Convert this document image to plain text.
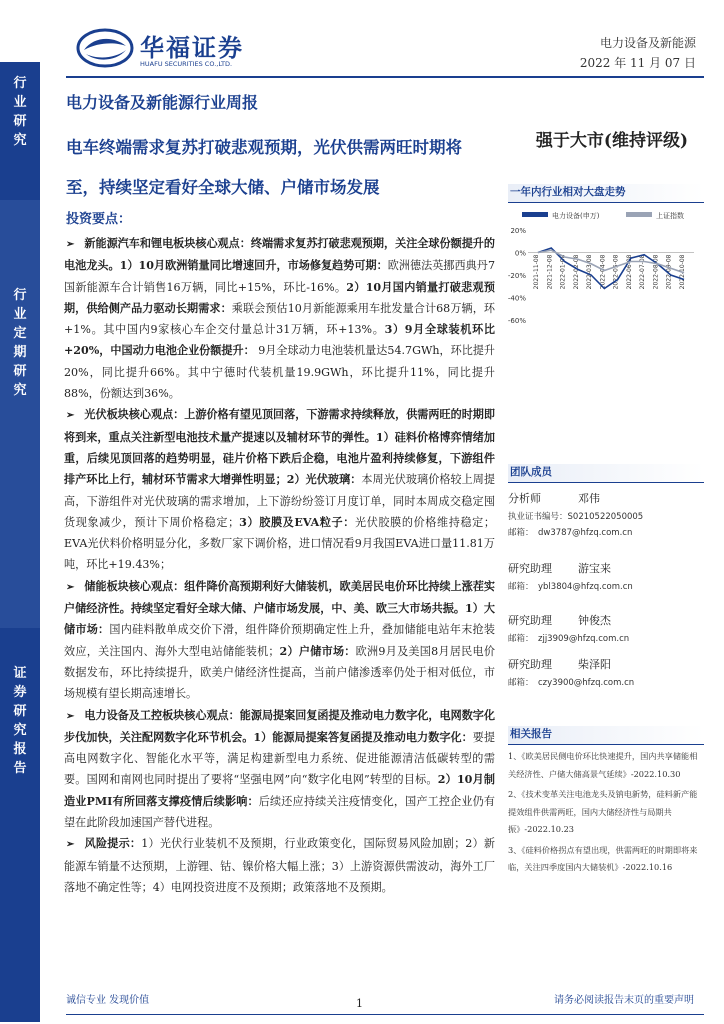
华福证券
HUAFU SECURITIES CO.,LTD.
电力设备及新能源
2022 年 11 月 07 日
行
业
研
究
行
业
定
期
研
究
证
券
研
究
报
告
电力设备及新能源行业周报
电车终端需求复苏打破悲观预期，光伏供需两旺时期将至，持续坚定看好全球大储、户储市场发展
强于大市(维持评级)
投资要点：
➢ 新能源汽车和锂电板块核心观点：终端需求复苏打破悲观预期，关注全球份额提升的电池龙头。1）10月欧洲销量同比增速回升，市场修复趋势可期：欧洲德法英挪西典丹7国新能源车合计销售16万辆，同比+15%，环比-16%。2）10月国内销量打破悲观预期，供给侧产品力驱动长期需求：乘联会预估10月新能源乘用车批发量合计68万辆，环+1%。其中国内9家核心车企交付量总计31万辆，环+13%。3）9月全球装机环比+20%，中国动力电池企业份额提升： 9月全球动力电池装机量达54.7GWh，环比提升20%，同比提升66%。其中宁德时代装机量19.9GWh，环比提升11%，同比提升88%，份额达到36%。
➢ 光伏板块核心观点：上游价格有望见顶回落，下游需求持续释放，供需两旺的时期即将到来，重点关注新型电池技术量产提速以及辅材环节的弹性。1）硅料价格博弈情绪加重，后续见顶回落的趋势明显，硅片价格下跌后企稳，电池片盈利持续修复，下游组件排产环比上行，辅材环节需求大增弹性明显；2）光伏玻璃：本周光伏玻璃价格较上周提高，下游组件对光伏玻璃的需求增加，上下游纷纷签订月度订单，同时本周成交稳定囤货现象减少，预计下周价格稳定；3）胶膜及EVA粒子：光伏胶膜的价格维持稳定；EVA光伏料价格明显分化，多数厂家下调价格，进口情况看9月我国EVA进口量11.81万吨，环比+19.43%；
➢ 储能板块核心观点：组件降价高预期利好大储装机，欧美居民电价环比持续上涨茬实户储经济性。持续坚定看好全球大储、户储市场发展，中、美、欧三大市场共振。1）大储市场：国内硅料散单成交价下滑，组件降价预期确定性上升，叠加储能电站年末抢装效应，关注国内、海外大型电站储能装机；2）户储市场：欧洲9月及美国8月居民电价数据发布，环比持续提升，欧美户储经济性提高，当前户储渗透率仍处于相对低位，市场规模有望长期高速增长。
➢ 电力设备及工控板块核心观点：能源局提案回复函提及推动电力数字化，电网数字化步伐加快，关注配网数字化环节机会。1）能源局提案答复函提及推动电力数字化：要提高电网数字化、智能化水平等，满足构建新型电力系统、促进能源清洁低碳转型的需要。国网和南网也同时提出了要将“坚强电网”向“数字化电网”转型的目标。2）10月制造业PMI有所回落支撑疫情后续影响：后续还应持续关注疫情变化，国产工控企业仍有望在此阶段加速国产替代进程。
➢ 风险提示：1）光伏行业装机不及预期，行业政策变化，国际贸易风险加剧；2）新能源车销量不达预期，上游锂、钴、镍价格大幅上涨；3）上游资源供需波动，海外工厂落地不确定性等；4）电网投资进度不及预期；政策落地不及预期。
一年内行业相对大盘走势
电力设备(申万)	上证指数
20%
0%
-20%
-40%
-60%
2021-11-08 2021-12-08 2022-01-08 2022-02-08 2022-03-08 2022-04-08 2022-05-08 2022-06-08 2022-07-08 2022-08-08 2022-09-08 2022-10-08
团队成员
分析师	邓伟
执业证书编号：S0210522050005
邮箱： dw3787@hfzq.com.cn
研究助理 游宝来
邮箱： ybl3804@hfzq.com.cn
研究助理 钟俊杰
邮箱： zjj3909@hfzq.com.cn
研究助理 柴泽阳
邮箱： czy3900@hfzq.com.cn
相关报告

1、《欧美居民侧电价环比快速提升，国内共享储能相关经济性、户储大储高景气延续》-2022.10.30

2、《技术变革关注电池龙头及钠电新势，硅料新产能提效组件供需两旺，国内大储经济性与局期共振》-2022.10.23

3、《硅料价格拐点有望出现，供需两旺的时期即将来临，关注四季度国内大储装机》-2022.10.16

诚信专业 发现价值	1	请务必阅读报告末页的重要声明
